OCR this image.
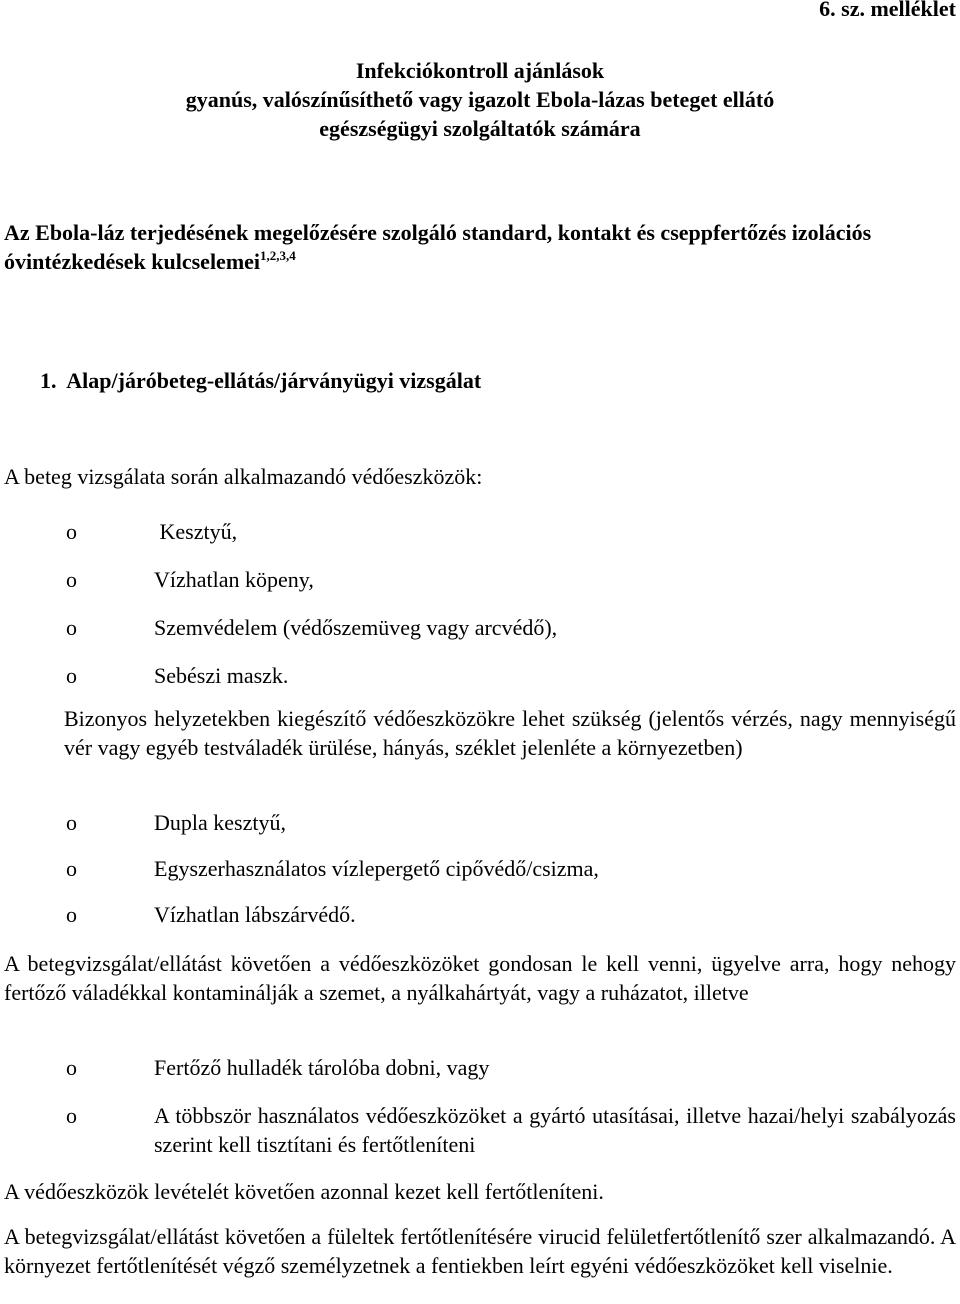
6. sz. melléklet
Infekciókontroll ajánlások
gyanús, valószínűsíthető vagy igazolt Ebola-lázas beteget ellátó
egészségügyi szolgáltatók számára
Az Ebola-láz terjedésének megelőzésére szolgáló standard, kontakt és cseppfertőzés izolációs óvintézkedések kulcselemei$^{1,2,3,4}$
1.  Alap/járóbeteg-ellátás/járványügyi vizsgálat
A beteg vizsgálata során alkalmazandó védőeszközök:
o	Kesztyű,
o	Vízhatlan köpeny,
o	Szemvédelem (védőszemüveg vagy arcvédő),
o	Sebészi maszk.
Bizonyos helyzetekben kiegészítő védőeszközökre lehet szükség (jelentős vérzés, nagy mennyiségű vér vagy egyéb testváladék ürülése, hányás, széklet jelenléte a környezetben)
o	Dupla kesztyű,
o	Egyszerhasználatos vízlepergető cipővédő/csizma,
o	Vízhatlan lábszárvédő.
A betegvizsgálat/ellátást követően a védőeszközöket gondosan le kell venni, ügyelve arra, hogy nehogy fertőző váladékkal kontaminálják a szemet, a nyálkahártyát, vagy a ruházatot, illetve
o	Fertőző hulladék tárolóba dobni, vagy
o	A többször használatos védőeszközöket a gyártó utasításai, illetve hazai/helyi szabályozás szerint kell tisztítani és fertőtleníteni
A védőeszközök levételét követően azonnal kezet kell fertőtleníteni.
A betegvizsgálat/ellátást követően a füleltek fertőtlenítésére virucid felületfertőtlenítő szer alkalmazandó. A környezet fertőtlenítését végző személyzetnek a fentiekben leírt egyéni védőeszközöket kell viselnie.
